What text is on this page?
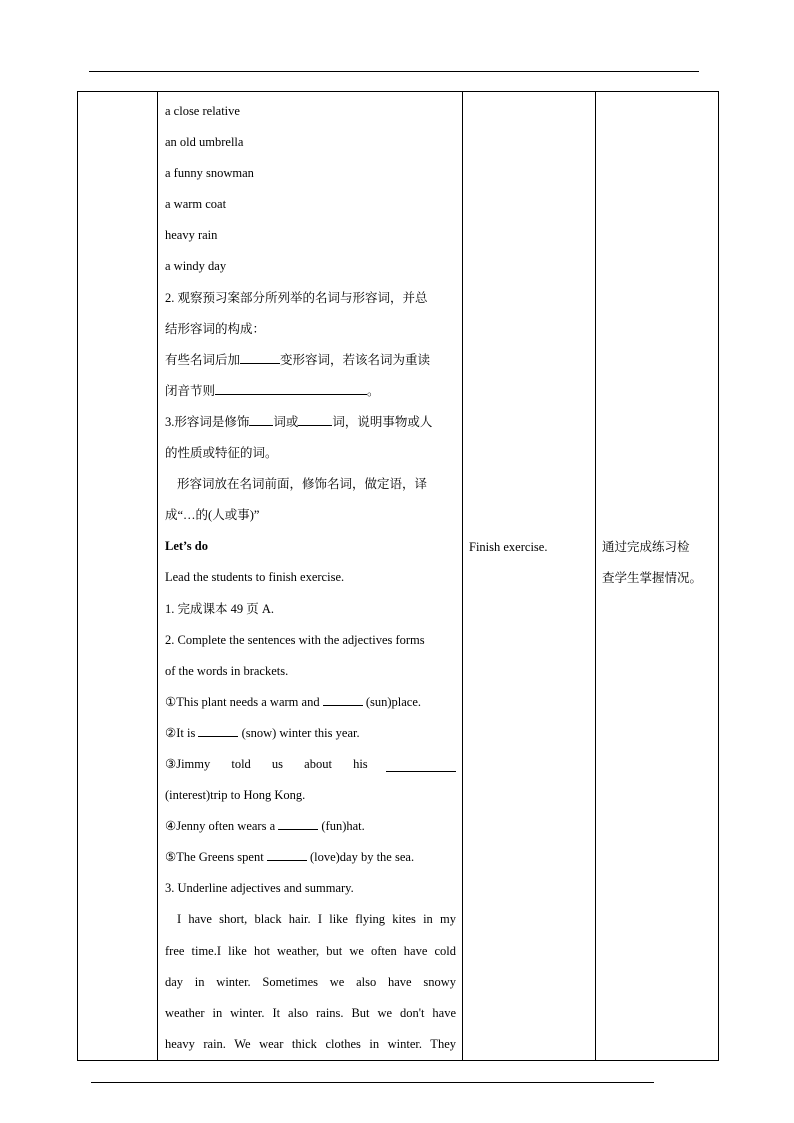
a close relative
an old umbrella
a funny snowman
a warm coat
heavy rain
a windy day
2. 观察预习案部分所列举的名词与形容词，并总
结形容词的构成：
有些名词后加	变形容词，若该名词为重读
闭音节则	。
3.形容词是修饰 词或	词，说明事物或人
的性质或特征的词。
形容词放在名词前面，修饰名词，做定语，译
成“…的(人或事)”
Let’s do
Lead the students to finish exercise.
1. 完成课本 49 页 A.
2. Complete the sentences with the adjectives forms
of the words in brackets.
①This plant needs a warm and	(sun)place.
②It is	(snow) winter this year.
③Jimmy told us about his
(interest)trip to Hong Kong.
④Jenny often wears a	(fun)hat.
⑤The Greens spent	(love)day by the sea.
3. Underline adjectives and summary.
I have short, black hair. I like flying kites in my
free time.I like hot weather, but we often have cold
day in winter. Sometimes we also have snowy
weather in winter. It also rains. But we don't have
heavy rain. We wear thick clothes in winter. They

Finish exercise.	通过完成练习检
查学生掌握情况。
